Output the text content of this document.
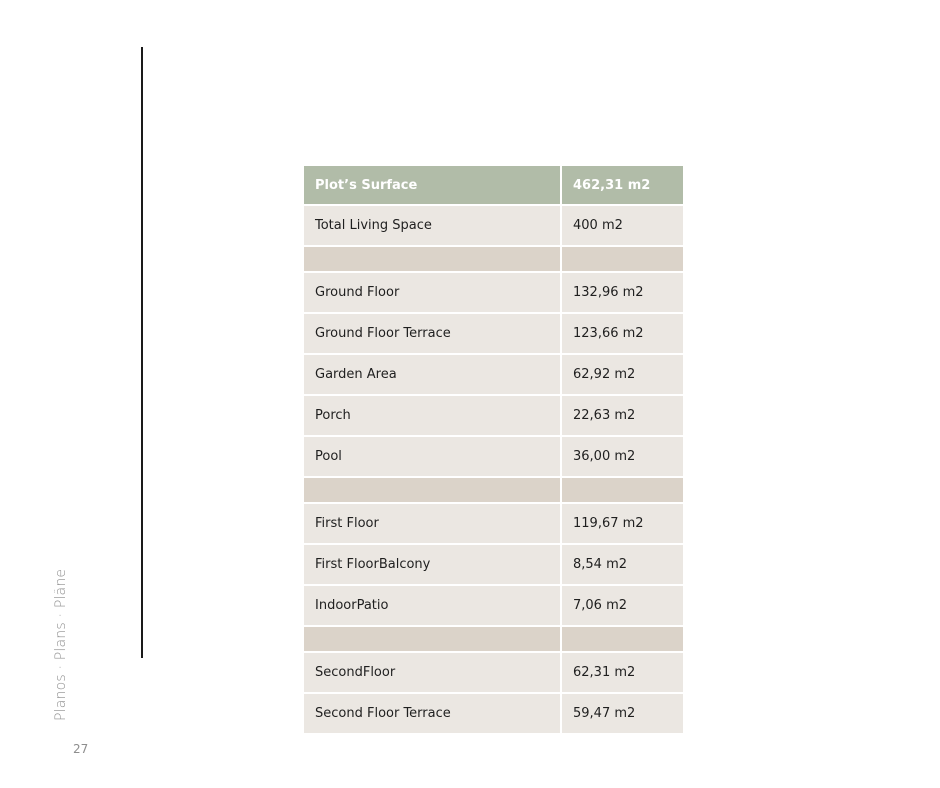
Planos · Plans · Pläne
27
Plot’s Surface	462,31 m2
Total Living Space	400 m2

Ground Floor	132,96 m2
Ground Floor Terrace	123,66 m2
Garden Area	62,92 m2
Porch	22,63 m2
Pool	36,00 m2

First Floor	119,67 m2
First FloorBalcony	8,54 m2
IndoorPatio	7,06 m2

SecondFloor	62,31 m2
Second Floor Terrace	59,47 m2
